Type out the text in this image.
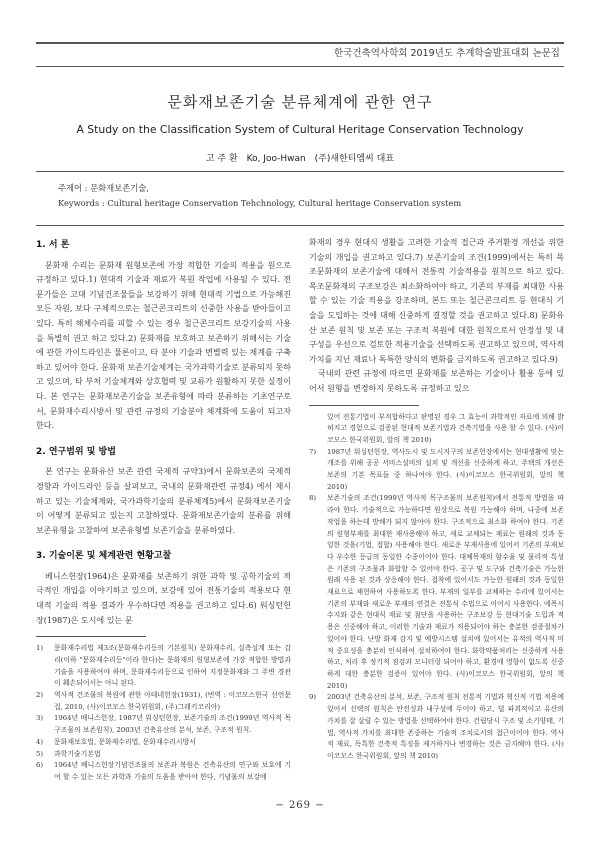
한국건축역사학회 2019년도 추계학술발표대회 논문집
문화재보존기술 분류체계에 관한 연구
A Study on the Classification System of Cultural Heritage Conservation Technology
고 주 환 Ko, Joo-Hwan (주)새한티엠씨 대표
주제어 : 문화재보존기술,
Keywords : Cultural heritage Conservation Tehchnology, Cultural heritage Conservation system
1. 서 론

문화재 수리는 문화재 원형보존에 가장 적합한 기술의 적용을 원으로 규정하고 있다.1) 현대적 기술과 재료가 복원 작업에 사용될 수 있다. 전문가들은 고대 기념건조물들을 보강하기 위해 현대적 기법으로 가능해진 모든 자원, 보다 구체적으로는 철근콘크리트의 신중한 사용을 받아들이고 있다. 특히 해체수리를 피할 수 있는 경우 철근콘크리트 보강기술의 사용을 특별히 권고 하고 있다.2) 문화재를 보호하고 보존하기 위해서는 기술에 관한 가이드라인은 물론이고, 타 분야 기술과 변별력 있는 체계를 구축하고 있어야 한다. 문화재 보존기술체계는 국가과학기술로 분류되지 못하고 있으며, 타 부처 기술체계와 상호협력 및 교류가 원활하지 못한 실정이다. 본 연구는 문화재보존기술을 보존유형에 따라 분류하는 기초연구로서, 문화재수리시방서 및 관련 규정의 기술분야 체계화에 도움이 되고자 한다.

2. 연구범위 및 방법

본 연구는 문화유산 보존 관련 국제적 규약3)에서 문화보존의 국제적 경향과 가이드라인 등을 살펴보고, 국내의 문화재관련 규정4) 에서 제시하고 있는 기술체계와, 국가과학기술의 분류체계5)에서 문화재보존기술이 어떻게 분류되고 있는지 고찰하였다. 문화재보존기술의 분류를 위해 보존유형을 고찰하여 보존유형별 보존기술을 분류하였다.

3. 기술이론 및 체계관련 현황고찰

베니스헌장(1964)은 문화재를 보존하기 위한 과학 및 공학기술의 적극적인 개입을 이야기하고 있으며, 보강에 있어 전통기술의 적용보다 현대적 기술의 적용 결과가 우수하다면 적용을 권고하고 있다.6) 워싱턴헌장(1987)은 도시에 있는 문

1) 문화재수리법 제3조(문화재수리등의 기본원칙) 문화재수리, 실측설계 또는 감리(이하 "문화재수리등"이라 한다)는 문화재의 원형보존에 가장 적합한 방법과 기술을 사용하여야 하며, 문화재수리등으로 인하여 지정문화재와 그 주변 경관이 훼손되어서는 아니 된다.
2) 역사적 건조물의 복원에 관한 아테네헌장(1931), (번역 : 이코모스한국 선언문집, 2010, (사)이코모스 한국위원회, (주)그레키코리아)
3) 1964년 베니스헌장, 1987년 워싱턴헌장, 보존기술의 조건(1999년 역사적 목구조물의 보존원칙), 2003년 건축유산의 분석, 보존, 구조적 원칙.
4) 문화재보호법, 문화재수리법, 문화재수리시방서
5) 과학기술기본법
6) 1964년 베니스헌장기념건조물의 보존과 복원은 건축유산의 연구와 보호에 기여 할 수 있는 모든 과학과 기술의 도움을 받아야 한다, 기념물의 보강에

화재의 경우 현대식 생활을 고려한 기술적 접근과 주거환경 개선을 위한 기술의 개입을 권고하고 있다.7) 보존기술의 조건(1999)에서는 특히 목조문화재의 보존기술에 대해서 전통적 기술적용을 원칙으로 하고 있다. 목조문화재의 구조보강은 최소화하여야 하고, 기존의 부재를 최대한 사용할 수 있는 기술 적용을 강조하며, 본드 또는 철근콘크리트 등 현대식 기술을 도입하는 것에 대해 신중하게 결정할 것을 권고하고 있다.8) 문화유산 보존 원칙 및 보존 또는 구조적 복원에 대한 원칙으로서 안정성 및 내구성을 우선으로 검토한 적용기술을 선택하도록 권고하고 있으며, 역사적 가치를 지닌 재료나 독특한 양식의 변화를 금지하도록 권고하고 있다.9)

국내의 관련 규정에 따르면 문화재를 보존하는 기술이나 활용 등에 있어서 원형을 변경하지 못하도록 규정하고 있으

있어 전통기법이 부적합하다고 판명된 경우 그 효능이 과학적인 자료에 의해 밝혀지고 경험으로 검증된 현대적 보존기법과 건축기법을 사용 할 수 있다. (사)이코모스 한국위원회, 앞의 책 2010)
7) 1987년 워싱턴헌장, 역사도시 및 도시지구의 보존헌장에서는 현대생활에 맞는 개조를 위해 공공 서비스설비의 설치 및 개선을 신중하게 하고, 주택의 개선은 보존의 기본 목표들 중 하나여야 한다. (사)이코모스 한국위원회, 앞의 책 2010)
8) 보존기술의 조건(1999년 역사적 목구조물의 보존원칙)에서 전통적 방법을 따라야 한다. 기술적으로 가능하다면 원상으로 복원 가능해야 하며, 나중에 보존 작업을 하는데 방해가 되지 않아야 한다. 구조적으로 최소화 하여야 한다. 기존의 원형부재를 최대한 재사용해야 하고, 새로 교체되는 재료는 원래의 것과 동일한 것을(기법, 접합) 사용해야 한다. 새로운 부재사용에 있어서 기존의 부재보다 우수한 등급의 동일한 수종이어야 한다. 대체목재의 함수율 및 물리적 특성은 기존의 구조물과 화합할 수 있어야 한다. 공구 및 도구와 건축기술은 가능한 원래 사용 된 것과 상응해야 한다. 접착에 있어서도 가능한 원래의 것과 동일한 재료으로 재현하여 사용하도록 한다. 부재의 일부를 교체하는 수리에 있어서는 기존의 부재와 새로운 부재의 연결은 전통식 수법으로 이어서 사용한다. 에폭시수지와 같은 현대식 재료 및 첨단을 사용하는 구조보강 등 현대기술 도입과 적용은 신중해야 하고, 이러한 기술과 재료가 적용되어야 하는 충분한 검증절차가 있어야 한다. 난방 화재 감지 및 예방시스템 설치에 있어서는 유적의 역사적 미적 중요성을 충분히 인식하여 설치하여야 한다. 화학약품처리는 신중하게 사용하고, 처리 후 정기적 점검과 모니터링 되어야 하고, 환경에 영향이 없도록 신중하게 대한 충분한 검증이 있어야 한다. (사)이코모스 한국위원회, 앞의 책 2010)
9) 2003년 건축유산의 분석, 보존, 구조적 원칙 전통적 기법과 혁신적 기법 적용에 있어서 선택의 원칙은 안전성과 내구성에 두어야 하고, 덜 파괴적이고 유산의 가치를 잘 살릴 수 있는 방법을 선택하여야 한다. 건립당시 구조 및 소기양태, 기법, 역사적 가치를 최대한 존중하는 기술적 조치로서의 접근이어야 한다. 역사적 재료, 독특한 건축적 특징을 제거하거나 변경하는 것은 금지해야 한다. (사)이코모스 한국위원회, 앞의 책 2010)
− 269 −
